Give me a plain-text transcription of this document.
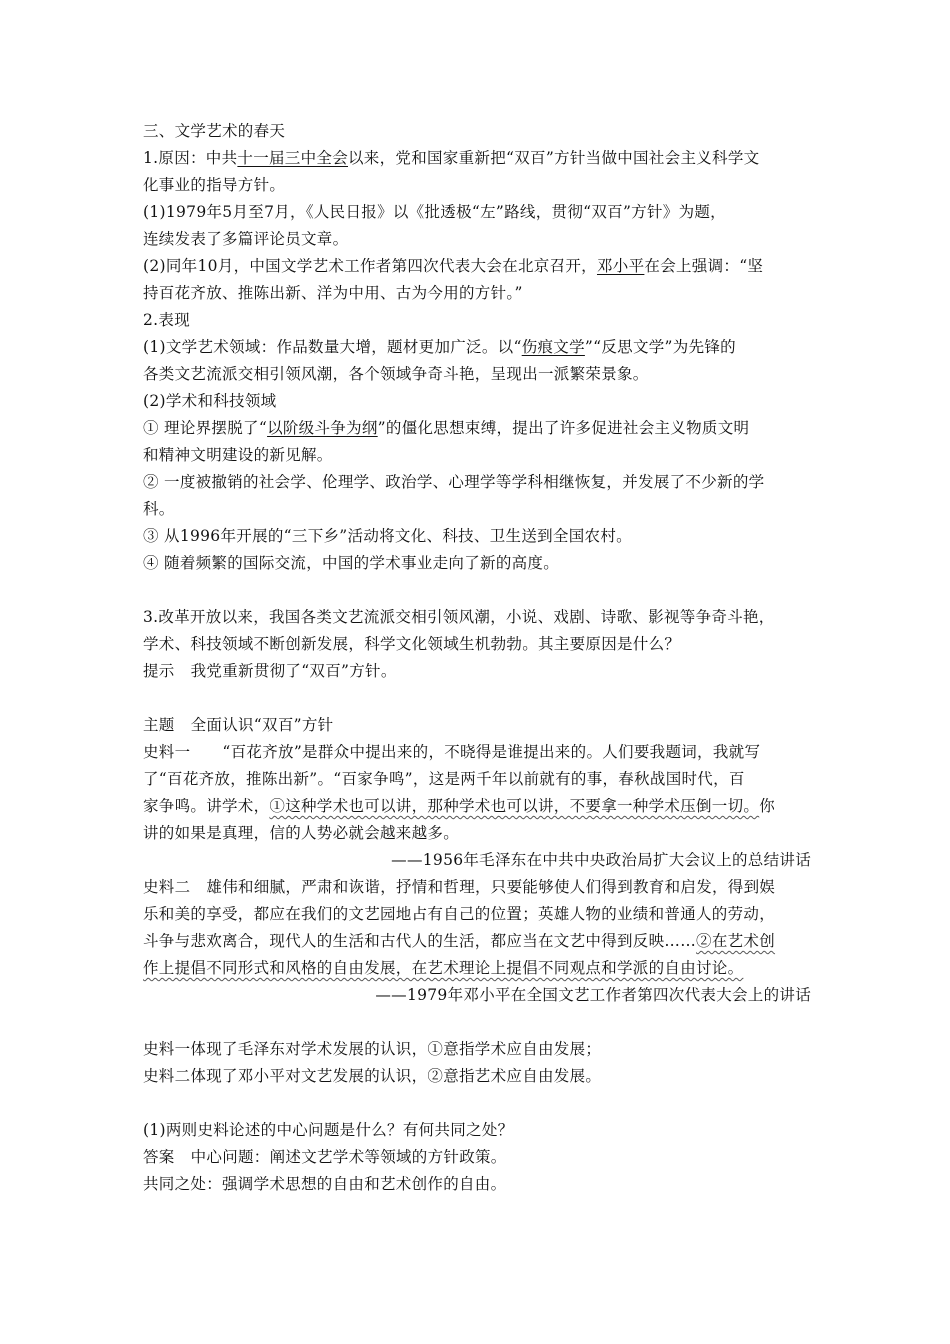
三、文学艺术的春天
1.原因：中共十一届三中全会以来，党和国家重新把“双百”方针当做中国社会主义科学文
化事业的指导方针。
(1)1979年5月至7月，《人民日报》以《批透极“左”路线，贯彻“双百”方针》为题，
连续发表了多篇评论员文章。
(2)同年10月，中国文学艺术工作者第四次代表大会在北京召开，邓小平在会上强调：“坚
持百花齐放、推陈出新、洋为中用、古为今用的方针。”
2.表现
(1)文学艺术领域：作品数量大增，题材更加广泛。以“伤痕文学”“反思文学”为先锋的
各类文艺流派交相引领风潮，各个领域争奇斗艳，呈现出一派繁荣景象。
(2)学术和科技领域
① 理论界摆脱了“以阶级斗争为纲”的僵化思想束缚，提出了许多促进社会主义物质文明
和精神文明建设的新见解。
② 一度被撤销的社会学、伦理学、政治学、心理学等学科相继恢复，并发展了不少新的学
科。
③ 从1996年开展的“三下乡”活动将文化、科技、卫生送到全国农村。
④ 随着频繁的国际交流，中国的学术事业走向了新的高度。
3.改革开放以来，我国各类文艺流派交相引领风潮，小说、戏剧、诗歌、影视等争奇斗艳，
学术、科技领域不断创新发展，科学文化领域生机勃勃。其主要原因是什么？
提示 我党重新贯彻了“双百”方针。
主题 全面认识“双百”方针
史料一 “百花齐放”是群众中提出来的，不晓得是谁提出来的。人们要我题词，我就写
了“百花齐放，推陈出新”。“百家争鸣”，这是两千年以前就有的事，春秋战国时代，百
家争鸣。讲学术，①这种学术也可以讲，那种学术也可以讲，不要拿一种学术压倒一切。你
讲的如果是真理，信的人势必就会越来越多。
——1956年毛泽东在中共中央政治局扩大会议上的总结讲话
史料二 雄伟和细腻，严肃和诙谐，抒情和哲理，只要能够使人们得到教育和启发，得到娱
乐和美的享受，都应在我们的文艺园地占有自己的位置；英雄人物的业绩和普通人的劳动，
斗争与悲欢离合，现代人的生活和古代人的生活，都应当在文艺中得到反映……②在艺术创
作上提倡不同形式和风格的自由发展，在艺术理论上提倡不同观点和学派的自由讨论。
——1979年邓小平在全国文艺工作者第四次代表大会上的讲话
史料一体现了毛泽东对学术发展的认识，①意指学术应自由发展；
史料二体现了邓小平对文艺发展的认识，②意指艺术应自由发展。
(1)两则史料论述的中心问题是什么？有何共同之处？
答案 中心问题：阐述文艺学术等领域的方针政策。
共同之处：强调学术思想的自由和艺术创作的自由。
